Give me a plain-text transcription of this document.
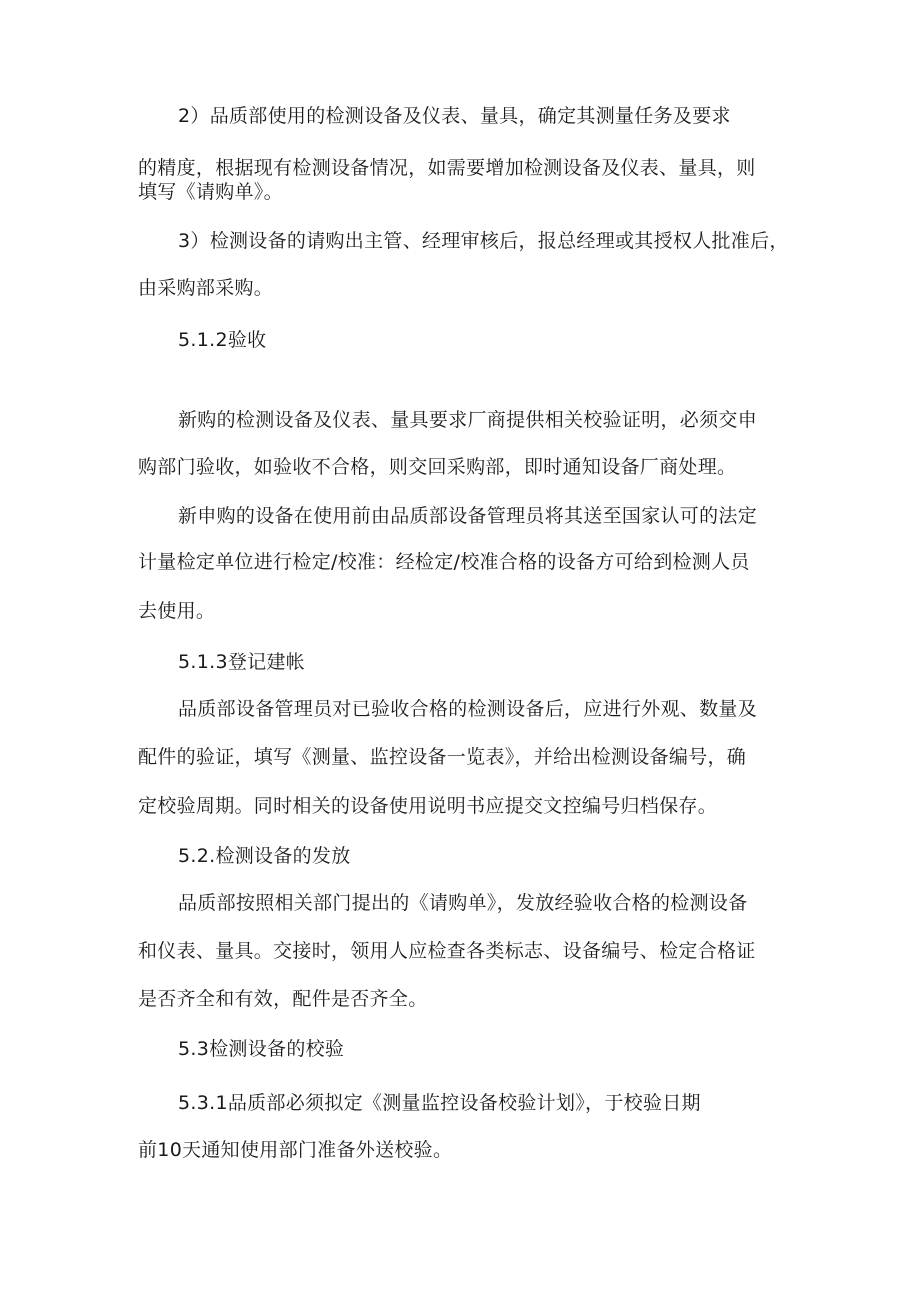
2）品质部使用的检测设备及仪表、量具，确定其测量任务及要求
的精度，根据现有检测设备情况，如需要增加检测设备及仪表、量具，则
填写《请购单》。
3）检测设备的请购出主管、经理审核后，报总经理或其授权人批准后，
由采购部采购。
5.1.2验收
新购的检测设备及仪表、量具要求厂商提供相关校验证明，必须交申
购部门验收，如验收不合格，则交回采购部，即时通知设备厂商处理。
新申购的设备在使用前由品质部设备管理员将其送至国家认可的法定
计量检定单位进行检定/校准：经检定/校准合格的设备方可给到检测人员
去使用。
5.1.3登记建帐
品质部设备管理员对已验收合格的检测设备后，应进行外观、数量及
配件的验证，填写《测量、监控设备一览表》，并给出检测设备编号，确
定校验周期。同时相关的设备使用说明书应提交文控编号归档保存。
5.2.检测设备的发放
品质部按照相关部门提出的《请购单》，发放经验收合格的检测设备
和仪表、量具。交接时，领用人应检查各类标志、设备编号、检定合格证
是否齐全和有效，配件是否齐全。
5.3检测设备的校验
5.3.1品质部必须拟定《测量监控设备校验计划》，于校验日期
前10天通知使用部门准备外送校验。
